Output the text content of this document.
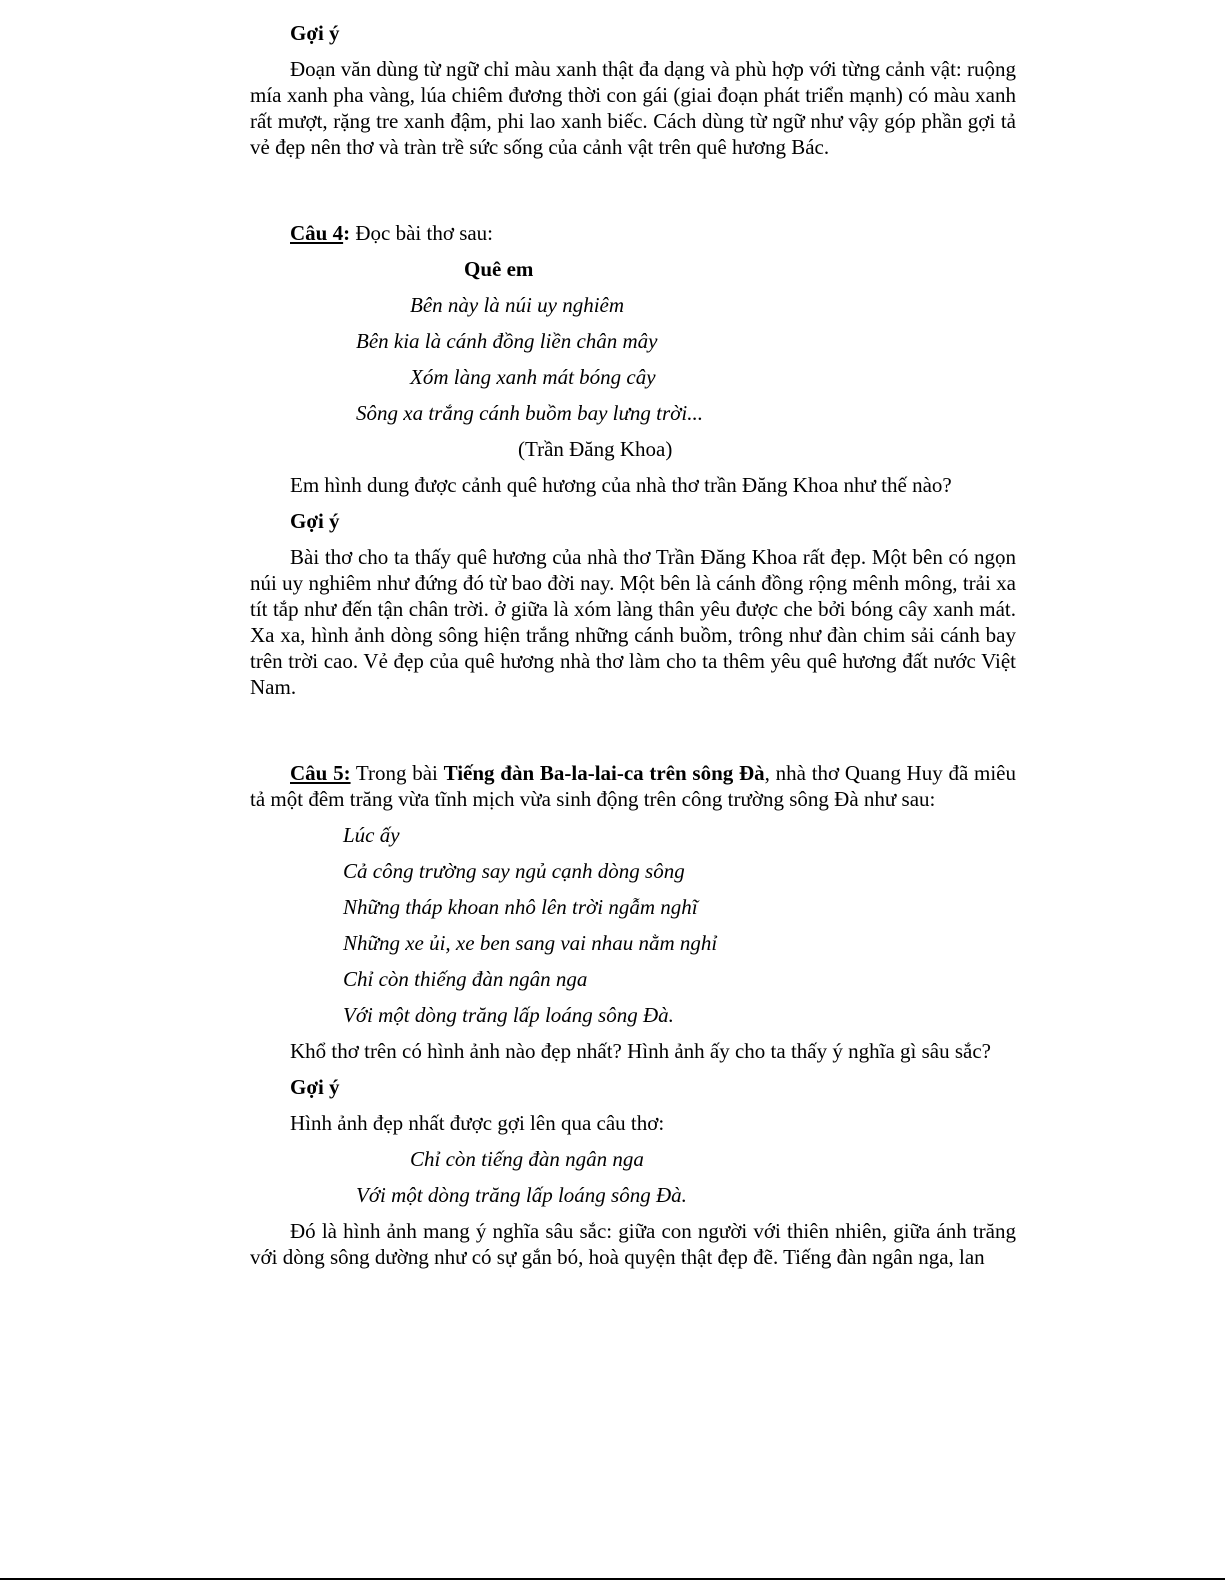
Gợi ý

Đoạn văn dùng từ ngữ chỉ màu xanh thật đa dạng và phù hợp với từng cảnh vật: ruộng mía xanh pha vàng, lúa chiêm đương thời con gái (giai đoạn phát triển mạnh) có màu xanh rất mượt, rặng tre xanh đậm, phi lao xanh biếc. Cách dùng từ ngữ như vậy góp phần gợi tả vẻ đẹp nên thơ và tràn trề sức sống của cảnh vật trên quê hương Bác.

Câu 4: Đọc bài thơ sau:
Quê em
Bên này là núi uy nghiêm
Bên kia là cánh đồng liền chân mây
Xóm làng xanh mát bóng cây
Sông xa trắng cánh buồm bay lưng trời...
(Trần Đăng Khoa)
Em hình dung được cảnh quê hương của nhà thơ trần Đăng Khoa như thế nào?
Gợi ý

Bài thơ cho ta thấy quê hương của nhà thơ Trần Đăng Khoa rất đẹp. Một bên có ngọn núi uy nghiêm như đứng đó từ bao đời nay. Một bên là cánh đồng rộng mênh mông, trải xa tít tắp như đến tận chân trời. ở giữa là xóm làng thân yêu được che bởi bóng cây xanh mát. Xa xa, hình ảnh dòng sông hiện trắng những cánh buồm, trông như đàn chim sải cánh bay trên trời cao. Vẻ đẹp của quê hương nhà thơ làm cho ta thêm yêu quê hương đất nước Việt Nam.

Câu 5: Trong bài Tiếng đàn Ba-la-lai-ca trên sông Đà, nhà thơ Quang Huy đã miêu tả một đêm trăng vừa tĩnh mịch vừa sinh động trên công trường sông Đà như sau:

Lúc ấy
Cả công trường say ngủ cạnh dòng sông
Những tháp khoan nhô lên trời ngẫm nghĩ
Những xe ủi, xe ben sang vai nhau nằm nghỉ
Chỉ còn thiếng đàn ngân nga
Với một dòng trăng lấp loáng sông Đà.
Khổ thơ trên có hình ảnh nào đẹp nhất? Hình ảnh ấy cho ta thấy ý nghĩa gì sâu sắc?
Gợi ý
Hình ảnh đẹp nhất được gợi lên qua câu thơ:
Chỉ còn tiếng đàn ngân nga
Với một dòng trăng lấp loáng sông Đà.

Đó là hình ảnh mang ý nghĩa sâu sắc: giữa con người với thiên nhiên, giữa ánh trăng với dòng sông dường như có sự gắn bó, hoà quyện thật đẹp đẽ. Tiếng đàn ngân nga, lan
